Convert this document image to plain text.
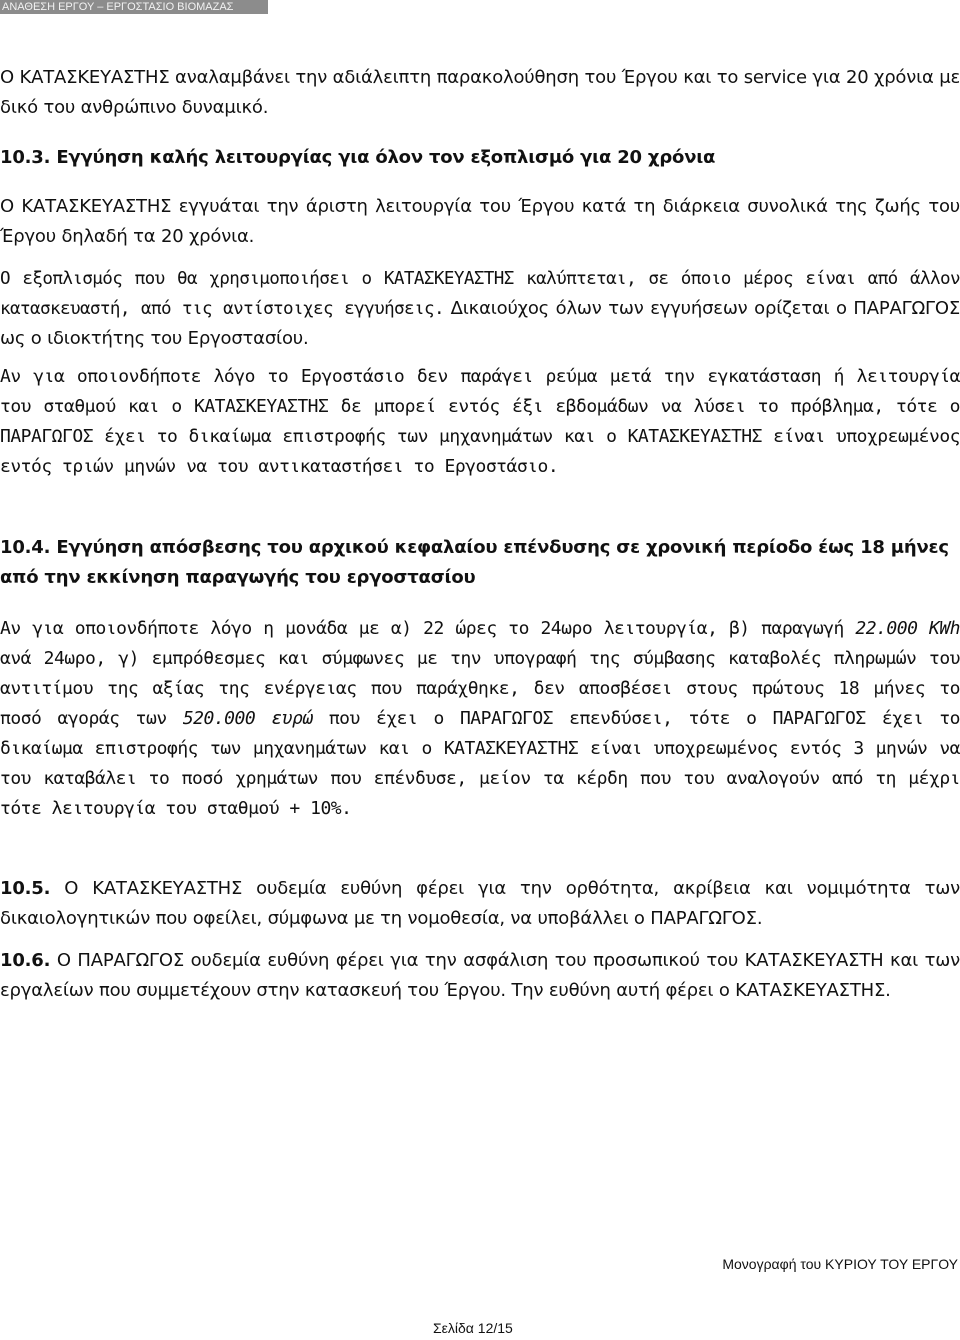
ΑΝΑΘΕΣΗ ΕΡΓΟΥ – ΕΡΓΟΣΤΑΣΙΟ ΒΙΟΜΑΖΑΣ

Ο ΚΑΤΑΣΚΕΥΑΣΤΗΣ αναλαμβάνει την αδιάλειπτη παρακολούθηση του Έργου και το service για 20 χρόνια με δικό του ανθρώπινο δυναμικό.

10.3. Εγγύηση καλής λειτουργίας για όλον τον εξοπλισμό για 20 χρόνια

Ο ΚΑΤΑΣΚΕΥΑΣΤΗΣ εγγυάται την άριστη λειτουργία του Έργου κατά τη διάρκεια συνολικά της ζωής του Έργου δηλαδή τα 20 χρόνια.

Ο εξοπλισμός που θα χρησιμοποιήσει ο ΚΑΤΑΣΚΕΥΑΣΤΗΣ καλύπτεται, σε όποιο μέρος είναι από άλλον κατασκευαστή, από τις αντίστοιχες εγγυήσεις. Δικαιούχος όλων των εγγυήσεων ορίζεται ο ΠΑΡΑΓΩΓΟΣ ως ο ιδιοκτήτης του Εργοστασίου.

Αν για οποιονδήποτε λόγο το Εργοστάσιο δεν παράγει ρεύμα μετά την εγκατάσταση ή λειτουργία του σταθμού και ο ΚΑΤΑΣΚΕΥΑΣΤΗΣ δε μπορεί εντός έξι εβδομάδων να λύσει το πρόβλημα, τότε ο ΠΑΡΑΓΩΓΟΣ έχει το δικαίωμα επιστροφής των μηχανημάτων και ο ΚΑΤΑΣΚΕΥΑΣΤΗΣ είναι υποχρεωμένος εντός τριών μηνών να του αντικαταστήσει το Εργοστάσιο.

10.4. Εγγύηση απόσβεσης του αρχικού κεφαλαίου επένδυσης σε χρονική περίοδο έως 18 μήνες από την εκκίνηση παραγωγής του εργοστασίου

Αν για οποιονδήποτε λόγο η μονάδα με α) 22 ώρες το 24ωρο λειτουργία, β) παραγωγή 22.000 KWh ανά 24ωρο, γ) εμπρόθεσμες και σύμφωνες με την υπογραφή της σύμβασης καταβολές πληρωμών του αντιτίμου της αξίας της ενέργειας που παράχθηκε, δεν αποσβέσει στους πρώτους 18 μήνες το ποσό αγοράς των 520.000 ευρώ που έχει ο ΠΑΡΑΓΩΓΟΣ επενδύσει, τότε ο ΠΑΡΑΓΩΓΟΣ έχει το δικαίωμα επιστροφής των μηχανημάτων και ο ΚΑΤΑΣΚΕΥΑΣΤΗΣ είναι υποχρεωμένος εντός 3 μηνών να του καταβάλει το ποσό χρημάτων που επένδυσε, μείον τα κέρδη που του αναλογούν από τη μέχρι τότε λειτουργία του σταθμού + 10%.

10.5. Ο ΚΑΤΑΣΚΕΥΑΣΤΗΣ ουδεμία ευθύνη φέρει για την ορθότητα, ακρίβεια και νομιμότητα των δικαιολογητικών που οφείλει, σύμφωνα με τη νομοθεσία, να υποβάλλει ο ΠΑΡΑΓΩΓΟΣ.

10.6. Ο ΠΑΡΑΓΩΓΟΣ ουδεμία ευθύνη φέρει για την ασφάλιση του προσωπικού του ΚΑΤΑΣΚΕΥΑΣΤΗ και των εργαλείων που συμμετέχουν στην κατασκευή του Έργου. Την ευθύνη αυτή φέρει ο ΚΑΤΑΣΚΕΥΑΣΤΗΣ.

Μονογραφή του ΚΥΡΙΟΥ ΤΟΥ ΕΡΓΟΥ
Σελίδα 12/15
